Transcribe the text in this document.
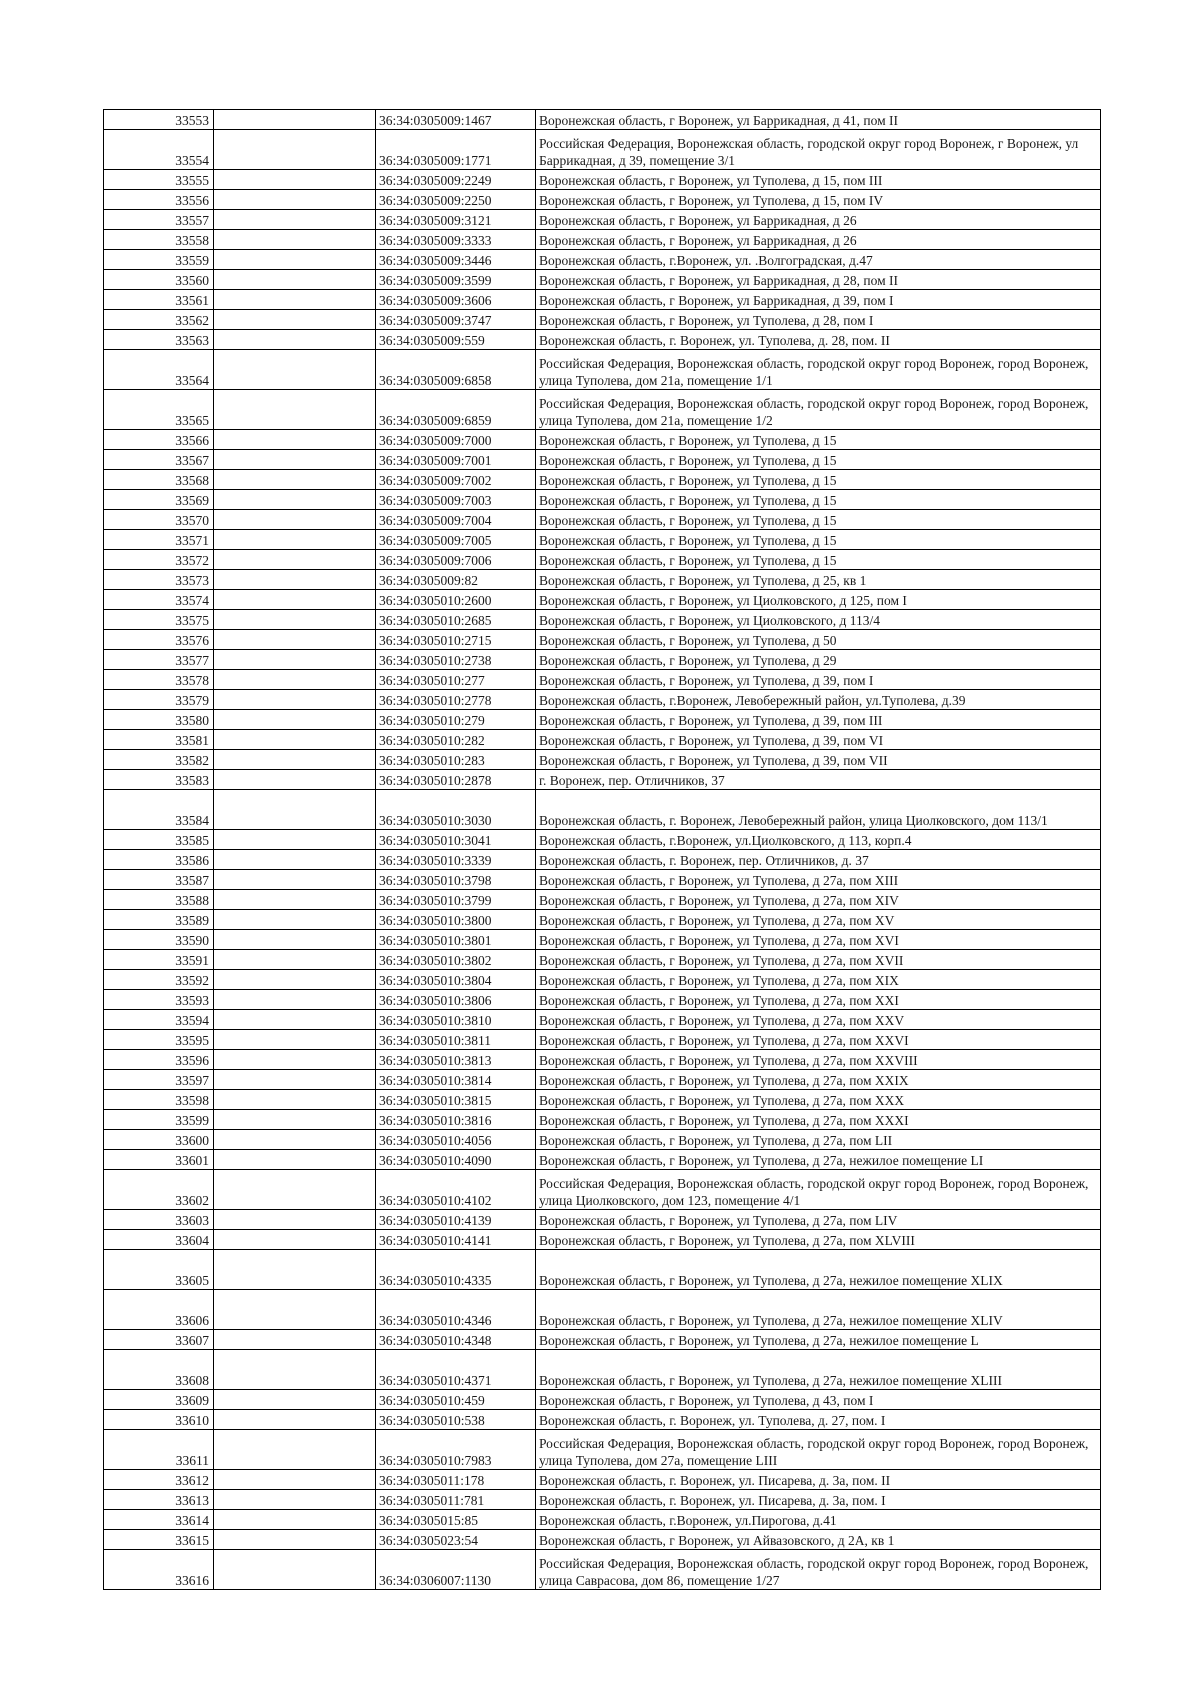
33553		36:34:0305009:1467	Воронежская область, г Воронеж, ул Баррикадная, д 41, пом II
33554		36:34:0305009:1771	Российская Федерация, Воронежская область, городской округ город Воронеж, г Воронеж, ул Баррикадная, д 39, помещение 3/1
33555		36:34:0305009:2249	Воронежская область, г Воронеж, ул Туполева, д 15, пом III
33556		36:34:0305009:2250	Воронежская область, г Воронеж, ул Туполева, д 15, пом IV
33557		36:34:0305009:3121	Воронежская область, г Воронеж, ул Баррикадная, д 26
33558		36:34:0305009:3333	Воронежская область, г Воронеж, ул Баррикадная, д 26
33559		36:34:0305009:3446	Воронежская область, г.Воронеж, ул. .Волгоградская, д.47
33560		36:34:0305009:3599	Воронежская область, г Воронеж, ул Баррикадная, д 28, пом II
33561		36:34:0305009:3606	Воронежская область, г Воронеж, ул Баррикадная, д 39, пом I
33562		36:34:0305009:3747	Воронежская область, г Воронеж, ул Туполева, д 28, пом I
33563		36:34:0305009:559	Воронежская область, г. Воронеж, ул. Туполева, д. 28, пом. II
33564		36:34:0305009:6858	Российская Федерация, Воронежская область, городской округ город Воронеж, город Воронеж, улица Туполева, дом 21а, помещение 1/1
33565		36:34:0305009:6859	Российская Федерация, Воронежская область, городской округ город Воронеж, город Воронеж, улица Туполева, дом 21а, помещение 1/2
33566		36:34:0305009:7000	Воронежская область, г Воронеж, ул Туполева, д 15
33567		36:34:0305009:7001	Воронежская область, г Воронеж, ул Туполева, д 15
33568		36:34:0305009:7002	Воронежская область, г Воронеж, ул Туполева, д 15
33569		36:34:0305009:7003	Воронежская область, г Воронеж, ул Туполева, д 15
33570		36:34:0305009:7004	Воронежская область, г Воронеж, ул Туполева, д 15
33571		36:34:0305009:7005	Воронежская область, г Воронеж, ул Туполева, д 15
33572		36:34:0305009:7006	Воронежская область, г Воронеж, ул Туполева, д 15
33573		36:34:0305009:82	Воронежская область, г Воронеж, ул Туполева, д 25, кв 1
33574		36:34:0305010:2600	Воронежская область, г Воронеж, ул Циолковского, д 125, пом I
33575		36:34:0305010:2685	Воронежская область, г Воронеж, ул Циолковского, д 113/4
33576		36:34:0305010:2715	Воронежская область, г Воронеж, ул Туполева, д 50
33577		36:34:0305010:2738	Воронежская область, г Воронеж, ул Туполева, д 29
33578		36:34:0305010:277	Воронежская область, г Воронеж, ул Туполева, д 39, пом I
33579		36:34:0305010:2778	Воронежская область, г.Воронеж, Левобережный район, ул.Туполева, д.39
33580		36:34:0305010:279	Воронежская область, г Воронеж, ул Туполева, д 39, пом III
33581		36:34:0305010:282	Воронежская область, г Воронеж, ул Туполева, д 39, пом VI
33582		36:34:0305010:283	Воронежская область, г Воронеж, ул Туполева, д 39, пом VII
33583		36:34:0305010:2878	г. Воронеж, пер. Отличников, 37
33584		36:34:0305010:3030	Воронежская область, г. Воронеж, Левобережный район, улица Циолковского, дом 113/1
33585		36:34:0305010:3041	Воронежская область, г.Воронеж, ул.Циолковского, д 113, корп.4
33586		36:34:0305010:3339	Воронежская область, г. Воронеж, пер. Отличников, д. 37
33587		36:34:0305010:3798	Воронежская область, г Воронеж, ул Туполева, д 27а, пом XIII
33588		36:34:0305010:3799	Воронежская область, г Воронеж, ул Туполева, д 27а, пом XIV
33589		36:34:0305010:3800	Воронежская область, г Воронеж, ул Туполева, д 27а, пом XV
33590		36:34:0305010:3801	Воронежская область, г Воронеж, ул Туполева, д 27а, пом XVI
33591		36:34:0305010:3802	Воронежская область, г Воронеж, ул Туполева, д 27а, пом XVII
33592		36:34:0305010:3804	Воронежская область, г Воронеж, ул Туполева, д 27а, пом XIX
33593		36:34:0305010:3806	Воронежская область, г Воронеж, ул Туполева, д 27а, пом XXI
33594		36:34:0305010:3810	Воронежская область, г Воронеж, ул Туполева, д 27а, пом XXV
33595		36:34:0305010:3811	Воронежская область, г Воронеж, ул Туполева, д 27а, пом XXVI
33596		36:34:0305010:3813	Воронежская область, г Воронеж, ул Туполева, д 27а, пом XXVIII
33597		36:34:0305010:3814	Воронежская область, г Воронеж, ул Туполева, д 27а, пом XXIX
33598		36:34:0305010:3815	Воронежская область, г Воронеж, ул Туполева, д 27а, пом XXX
33599		36:34:0305010:3816	Воронежская область, г Воронеж, ул Туполева, д 27а, пом XXXI
33600		36:34:0305010:4056	Воронежская область, г Воронеж, ул Туполева, д 27а, пом LII
33601		36:34:0305010:4090	Воронежская область, г Воронеж, ул Туполева, д 27а, нежилое помещение LI
33602		36:34:0305010:4102	Российская Федерация, Воронежская область, городской округ город Воронеж, город Воронеж, улица Циолковского, дом 123, помещение 4/1
33603		36:34:0305010:4139	Воронежская область, г Воронеж, ул Туполева, д 27а, пом LIV
33604		36:34:0305010:4141	Воронежская область, г Воронеж, ул Туполева, д 27а, пом XLVIII
33605		36:34:0305010:4335	Воронежская область, г Воронеж, ул Туполева, д 27а, нежилое помещение XLIX
33606		36:34:0305010:4346	Воронежская область, г Воронеж, ул Туполева, д 27а, нежилое помещение XLIV
33607		36:34:0305010:4348	Воронежская область, г Воронеж, ул Туполева, д 27а, нежилое помещение L
33608		36:34:0305010:4371	Воронежская область, г Воронеж, ул Туполева, д 27а, нежилое помещение XLIII
33609		36:34:0305010:459	Воронежская область, г Воронеж, ул Туполева, д 43, пом I
33610		36:34:0305010:538	Воронежская область, г. Воронеж, ул. Туполева, д. 27, пом. I
33611		36:34:0305010:7983	Российская Федерация, Воронежская область, городской округ город Воронеж, город Воронеж, улица Туполева, дом 27а, помещение LIII
33612		36:34:0305011:178	Воронежская область, г. Воронеж, ул. Писарева, д. 3а, пом. II
33613		36:34:0305011:781	Воронежская область, г. Воронеж, ул. Писарева, д. 3а, пом. I
33614		36:34:0305015:85	Воронежская область, г.Воронеж, ул.Пирогова, д.41
33615		36:34:0305023:54	Воронежская область, г Воронеж, ул Айвазовского, д 2А, кв 1
33616		36:34:0306007:1130	Российская Федерация, Воронежская область, городской округ город Воронеж, город Воронеж, улица Саврасова, дом 86, помещение 1/27
